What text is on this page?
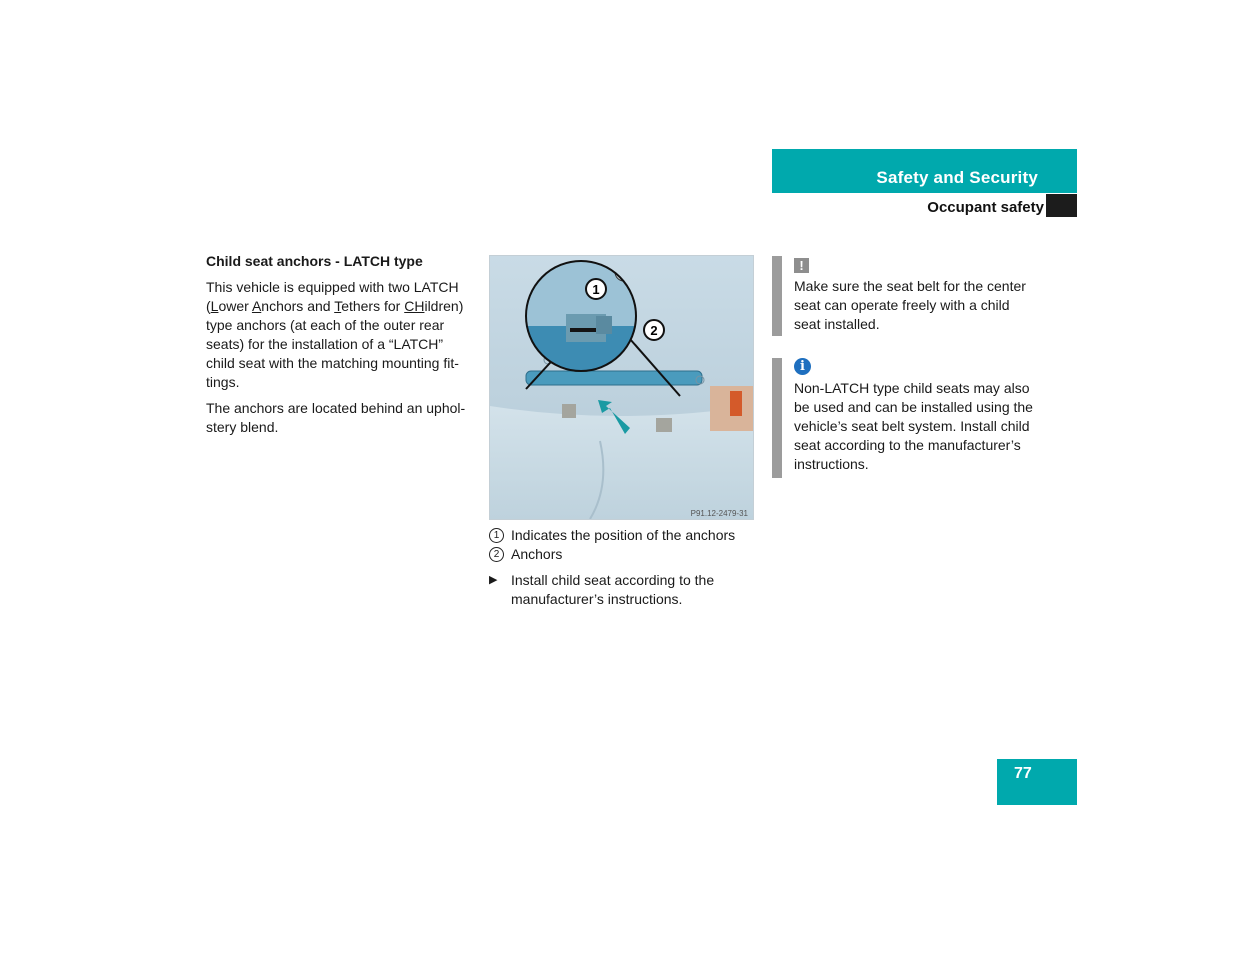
Safety and Security
Occupant safety
Child seat anchors - LATCH type

This vehicle is equipped with two LATCH (Lower Anchors and Tethers for CHildren) type anchors (at each of the outer rear seats) for the installation of a “LATCH” child seat with the matching mounting fit-tings.

The anchors are located behind an uphol-stery blend.

1
2
P91.12-2479-31
1 Indicates the position of the anchors
2 Anchors
▶ Install child seat according to the manufacturer’s instructions.
!
Make sure the seat belt for the center seat can operate freely with a child seat installed.
i
Non-LATCH type child seats may also be used and can be installed using the vehicle’s seat belt system. Install child seat according to the manufacturer’s instructions.
77
